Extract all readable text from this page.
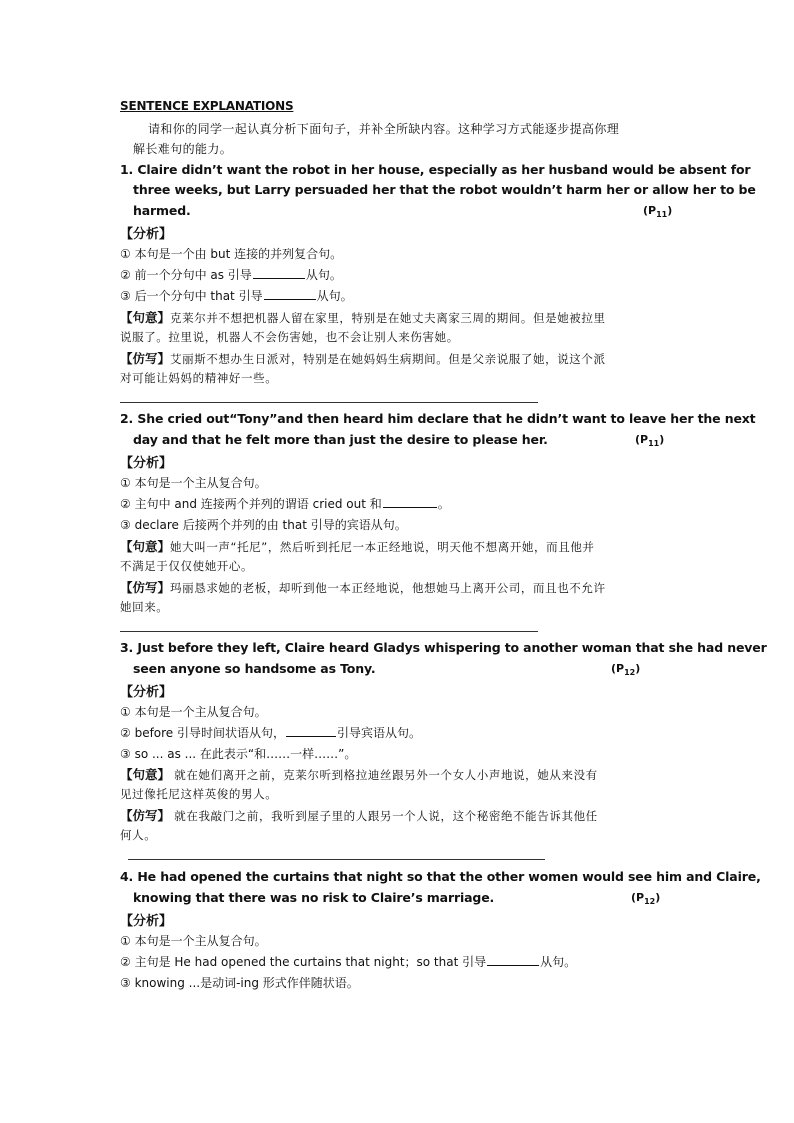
SENTENCE EXPLANATIONS
请和你的同学一起认真分析下面句子，并补全所缺内容。这种学习方式能逐步提高你理
解长难句的能力。
1. Claire didn’t want the robot in her house, especially as her husband would be absent for
three weeks, but Larry persuaded her that the robot wouldn’t harm her or allow her to be
harmed.	$(P_{11})$
【分析】
① 本句是一个由 but 连接的并列复合句。
② 前一个分句中 as 引导	从句。
③ 后一个分句中 that 引导	从句。
【句意】克莱尔并不想把机器人留在家里，特别是在她丈夫离家三周的期间。但是她被拉里
说服了。拉里说，机器人不会伤害她，也不会让别人来伤害她。
【仿写】艾丽斯不想办生日派对，特别是在她妈妈生病期间。但是父亲说服了她，说这个派
对可能让妈妈的精神好一些。
2. She cried out“Tony”and then heard him declare that he didn’t want to leave her the next
day and that he felt more than just the desire to please her.	$(P_{11})$
【分析】
① 本句是一个主从复合句。
② 主句中 and 连接两个并列的谓语 cried out 和	。
③ declare 后接两个并列的由 that 引导的宾语从句。
【句意】她大叫一声“托尼”，然后听到托尼一本正经地说，明天他不想离开她，而且他并
不满足于仅仅使她开心。
【仿写】玛丽恳求她的老板，却听到他一本正经地说，他想她马上离开公司，而且也不允许
她回来。
3. Just before they left, Claire heard Gladys whispering to another woman that she had never
seen anyone so handsome as Tony.	$(P_{12})$
【分析】
① 本句是一个主从复合句。
② before 引导时间状语从句，	引导宾语从句。
③ so ... as ... 在此表示“和……一样……”。
【句意】 就在她们离开之前，克莱尔听到格拉迪丝跟另外一个女人小声地说，她从来没有
见过像托尼这样英俊的男人。
【仿写】 就在我敲门之前，我听到屋子里的人跟另一个人说，这个秘密绝不能告诉其他任
何人。
4. He had opened the curtains that night so that the other women would see him and Claire,
knowing that there was no risk to Claire’s marriage.	$(P_{12})$
【分析】
① 本句是一个主从复合句。
② 主句是 He had opened the curtains that night；so that 引导	从句。
③ knowing ...是动词-ing 形式作伴随状语。
